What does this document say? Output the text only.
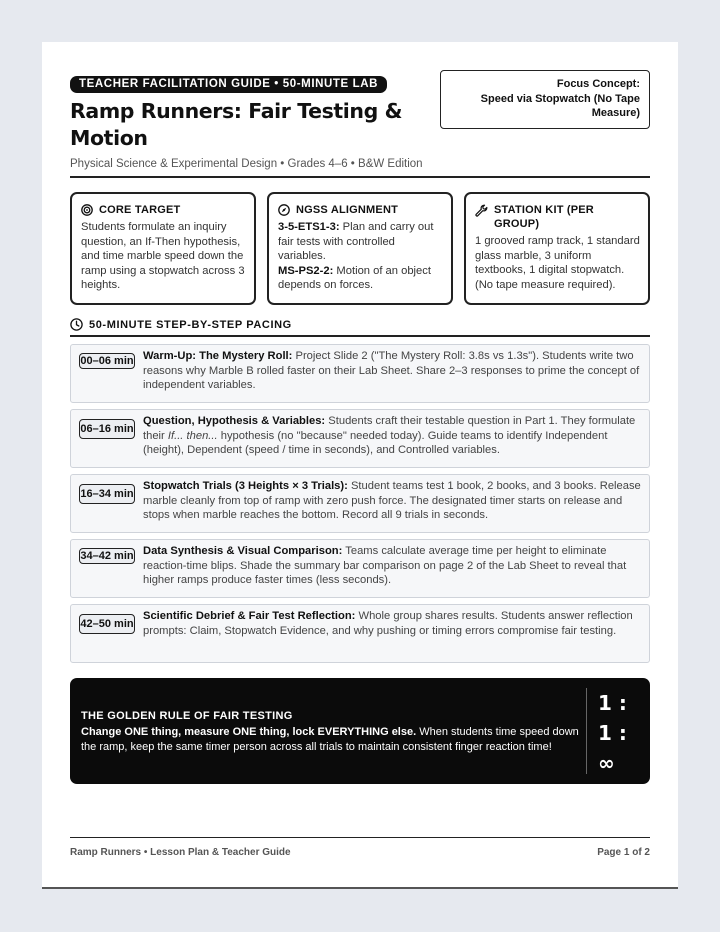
TEACHER FACILITATION GUIDE • 50-MINUTE LAB
Ramp Runners: Fair Testing & Motion
Physical Science & Experimental Design • Grades 4–6 • B&W Edition
Focus Concept:
Speed via Stopwatch (No Tape Measure)
CORE TARGET
Students formulate an inquiry question, an If-Then hypothesis, and time marble speed down the ramp using a stopwatch across 3 heights.
NGSS ALIGNMENT
3-5-ETS1-3: Plan and carry out fair tests with controlled variables.
MS-PS2-2: Motion of an object depends on forces.
STATION KIT (PER GROUP)
1 grooved ramp track, 1 standard glass marble, 3 uniform textbooks, 1 digital stopwatch. (No tape measure required).
50-MINUTE STEP-BY-STEP PACING
00–06 min Warm-Up: The Mystery Roll: Project Slide 2 ("The Mystery Roll: 3.8s vs 1.3s"). Students write two reasons why Marble B rolled faster on their Lab Sheet. Share 2–3 responses to prime the concept of independent variables.
06–16 min
Question, Hypothesis & Variables: Students craft their testable question in Part 1. They formulate their If... then... hypothesis (no "because" needed today). Guide teams to identify Independent (height), Dependent (speed / time in seconds), and Controlled variables.
16–34 min
Stopwatch Trials (3 Heights × 3 Trials): Student teams test 1 book, 2 books, and 3 books. Release marble cleanly from top of ramp with zero push force. The designated timer starts on release and stops when marble reaches the bottom. Record all 9 trials in seconds.
34–42 min Data Synthesis & Visual Comparison: Teams calculate average time per height to eliminate reaction-time blips. Shade the summary bar comparison on page 2 of the Lab Sheet to reveal that higher ramps produce faster times (less seconds).
42–50 min
Scientific Debrief & Fair Test Reflection: Whole group shares results. Students answer reflection prompts: Claim, Stopwatch Evidence, and why pushing or timing errors compromise fair testing.
THE GOLDEN RULE OF FAIR TESTING
Change ONE thing, measure ONE thing, lock EVERYTHING else. When students time speed down the ramp, keep the same timer person across all trials to maintain consistent finger reaction time!
1 :
1 :
∞
Ramp Runners • Lesson Plan & Teacher Guide	Page 1 of 2
